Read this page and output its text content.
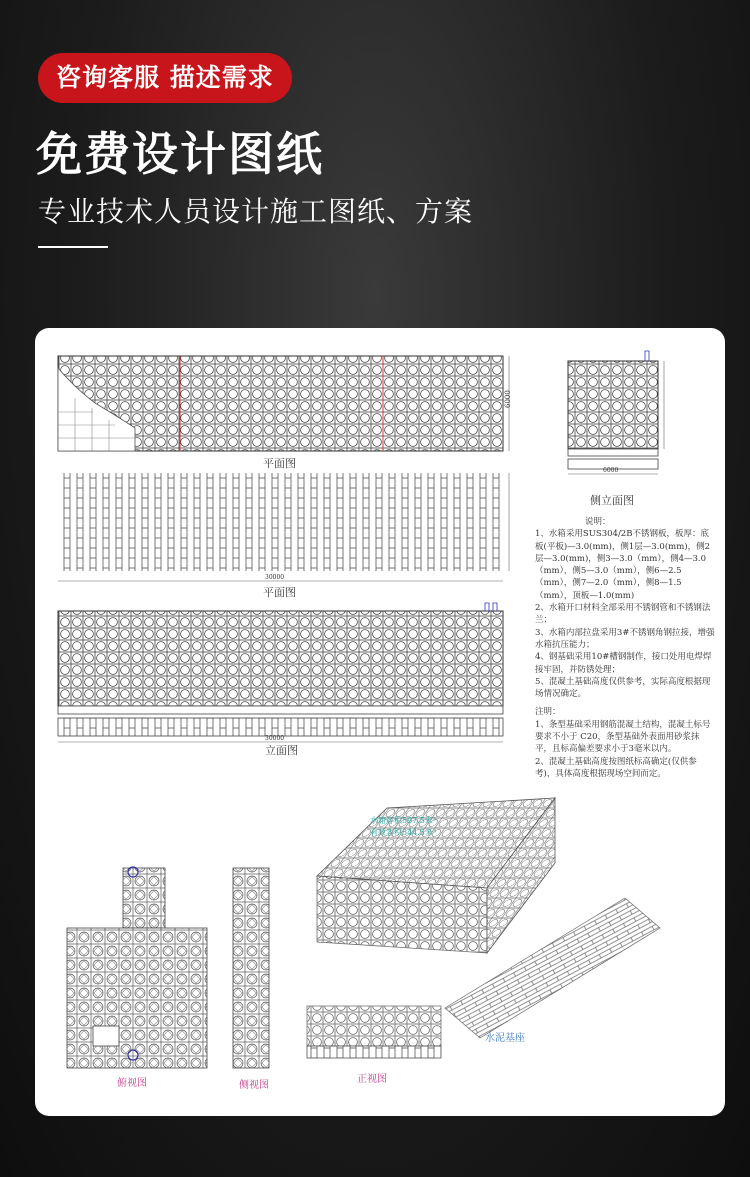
咨询客服 描述需求
免费设计图纸

专业技术人员设计施工图纸、方案

6000
平面图
30000
平面图
30000
立面图
6000
侧立面图
俯视图	侧视图
水箱容积597.5米³
有效容积544.5米³
正视图
水泥基座

说明：

1、水箱采用SUS304/2B不锈钢板，板厚：底板(平板)—3.0(mm)，侧1层—3.0(mm)，侧2层—3.0(mm)，侧3—3.0（mm），侧4—3.0（mm），侧5—3.0（mm），侧6—2.5（mm），侧7—2.0（mm），侧8—1.5（mm），顶板—1.0(mm)

2、水箱开口材料全部采用不锈钢管和不锈钢法兰；

3、水箱内部拉盘采用3#不锈钢角钢拉接，增强水箱抗压能力；

4、钢基础采用10#槽钢制作，接口处用电焊焊接牢固，并防锈处理；

5、混凝土基础高度仅供参考，实际高度根据现场情况确定。

注明：

1、条型基础采用钢筋混凝土结构，混凝土标号要求不小于 C20，条型基础外表面用砂浆抹平，且标高偏差要求小于3毫米以内。

2、混凝土基础高度按图纸标高确定(仅供参考)，具体高度根据现场空间而定。
